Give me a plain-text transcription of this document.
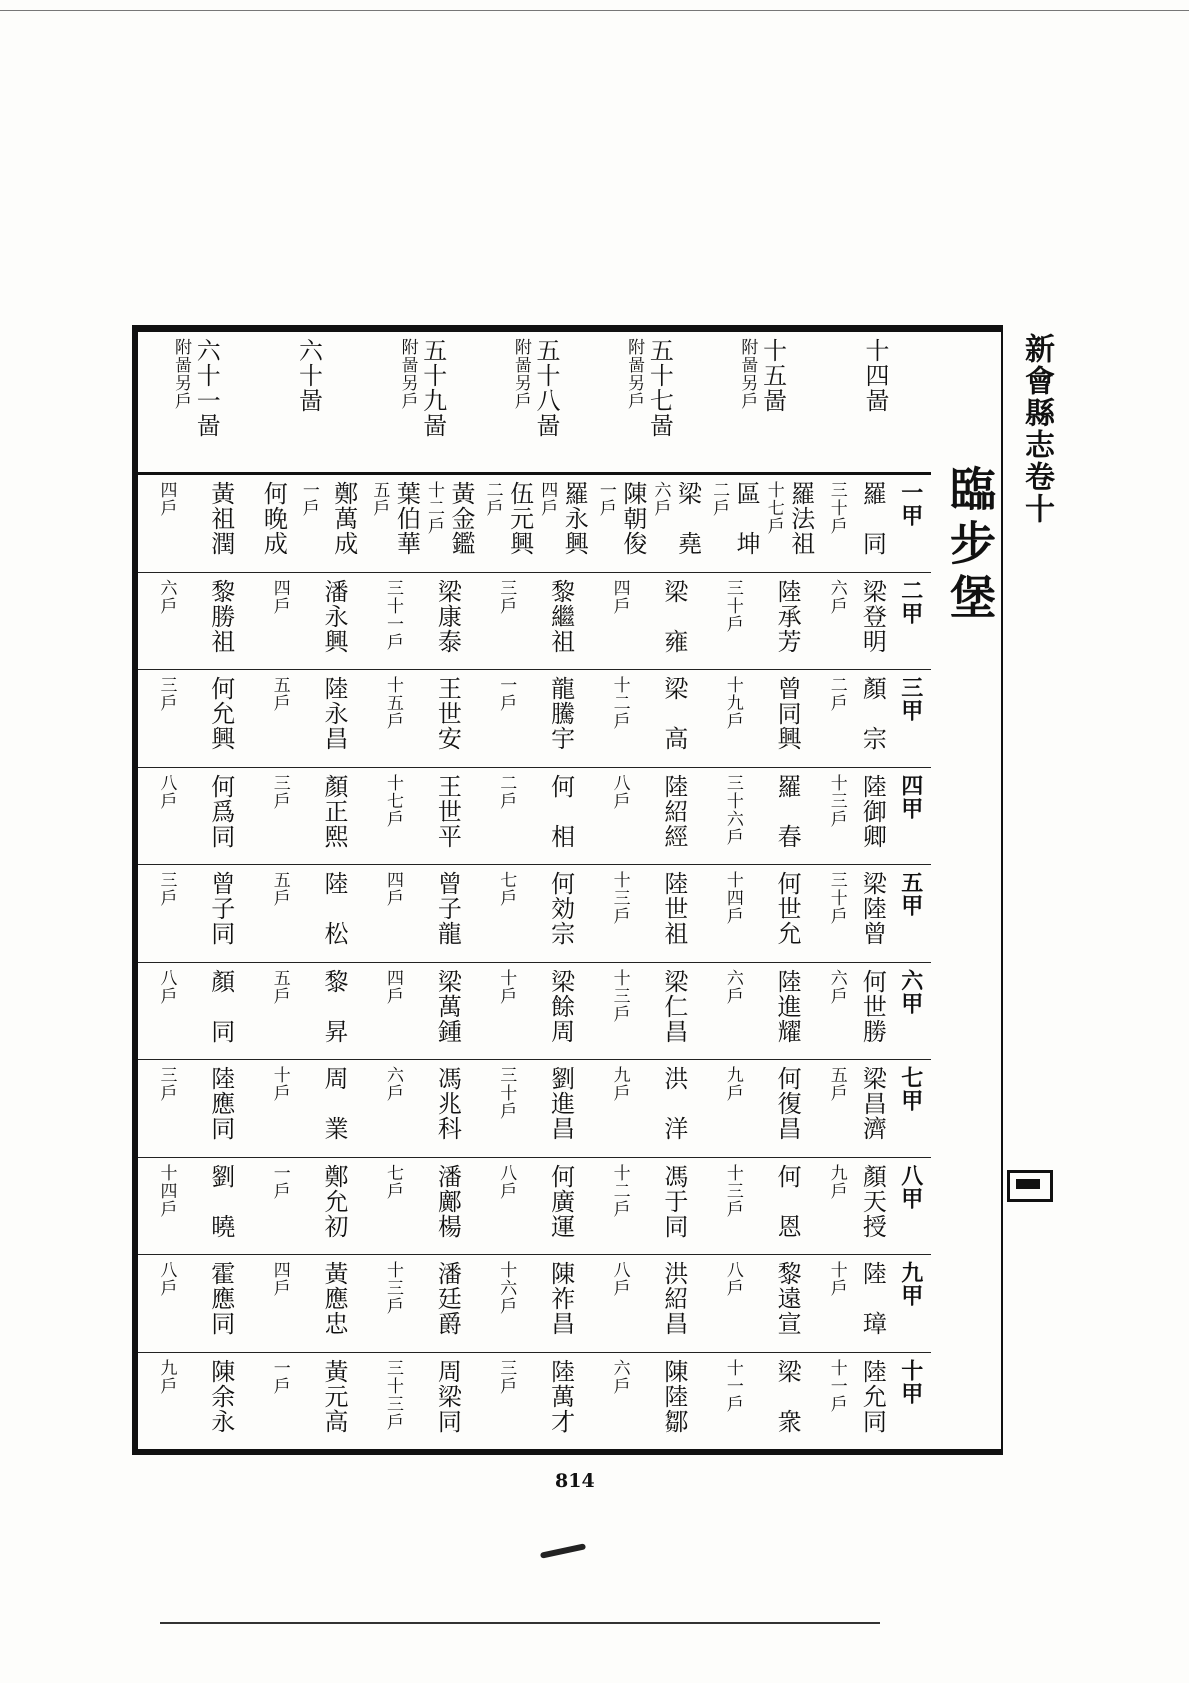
新會縣志卷十
臨步堡
十四啚
十五啚
附啚另戶
五十七啚
附啚另戶
五十八啚
附啚另戶
五十九啚
附啚另戶
六十啚
六十一啚
附啚另戶
一甲
羅　同
三十戶
羅法祖
十七戶
區　坤
二戶
梁　堯
六戶
陳朝俊
一戶
羅永興
四戶
伍元興
二戶
黃金鑑
十二戶
葉伯華
五戶
鄭萬成
一戶
何晚成
黃祖潤
四戶
二甲
梁登明
六戶
陸承芳
三十戶
梁　雍
四戶
黎繼祖
三戶
梁康泰
三十一戶
潘永興
四戶
黎勝祖
六戶
三甲
顏　宗
二戶
曾同興
十九戶
梁　高
十二戶
龍騰宇
一戶
王世安
十五戶
陸永昌
五戶
何允興
三戶
四甲
陸御卿
十三戶
羅　春
三十六戶
陸紹經
八戶
何　相
二戶
王世平
十七戶
顏正熙
三戶
何爲同
八戶
五甲
梁陸曾
三十戶
何世允
十四戶
陸世祖
十三戶
何効宗
七戶
曾子龍
四戶
陸　松
五戶
曾子同
三戶
六甲
何世勝
六戶
陸進耀
六戶
梁仁昌
十三戶
梁餘周
十戶
梁萬鍾
四戶
黎　昇
五戶
顏　同
八戶
七甲
梁昌濟
五戶
何復昌
九戶
洪　洋
九戶
劉進昌
三十戶
馮兆科
六戶
周　業
十戶
陸應同
三戶
八甲
顏天授
九戶
何　恩
十三戶
馮于同
十二戶
何廣運
八戶
潘鄺楊
七戶
鄭允初
一戶
劉　曉
十四戶
九甲
陸　璋
十戶
黎遠宣
八戶
洪紹昌
八戶
陳祚昌
十六戶
潘廷爵
十三戶
黃應忠
四戶
霍應同
八戶
十甲
陸允同
十一戶
梁　衆
十一戶
陳陸鄒
六戶
陸萬才
三戶
周梁同
三十三戶
黃元高
一戶
陳余永
九戶
814
